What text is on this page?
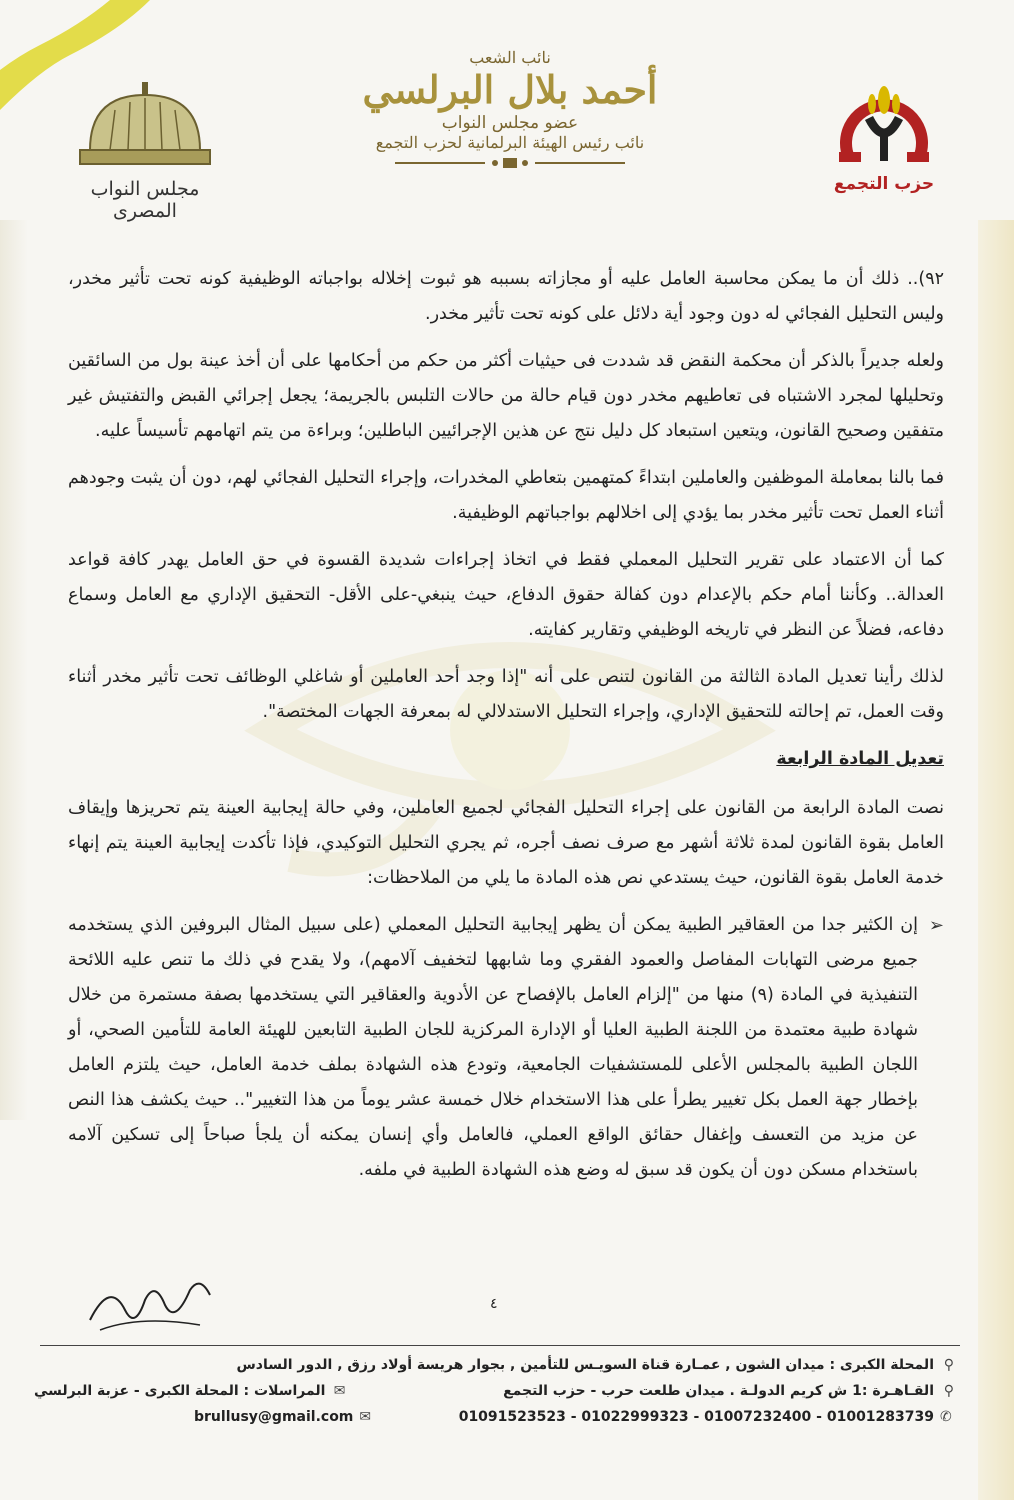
حزب التجمع
نائب الشعب
أحمد بلال البرلسي
عضو مجلس النواب
نائب رئيس الهيئة البرلمانية لحزب التجمع
مجلس النواب المصرى

٩٢).. ذلك أن ما يمكن محاسبة العامل عليه أو مجازاته بسببه هو ثبوت إخلاله بواجباته الوظيفية كونه تحت تأثير مخدر، وليس التحليل الفجائي له دون وجود أية دلائل على كونه تحت تأثير مخدر.

ولعله جديراً بالذكر أن محكمة النقض قد شددت فى حيثيات أكثر من حكم من أحكامها على أن أخذ عينة بول من السائقين وتحليلها لمجرد الاشتباه فى تعاطيهم مخدر دون قيام حالة من حالات التلبس بالجريمة؛ يجعل إجرائي القبض والتفتيش غير متفقين وصحيح القانون، ويتعين استبعاد كل دليل نتج عن هذين الإجرائيين الباطلين؛ وبراءة من يتم اتهامهم تأسيساً عليه.

فما بالنا بمعاملة الموظفين والعاملين ابتداءً كمتهمين بتعاطي المخدرات، وإجراء التحليل الفجائي لهم، دون أن يثبت وجودهم أثناء العمل تحت تأثير مخدر بما يؤدي إلى اخلالهم بواجباتهم الوظيفية.

كما أن الاعتماد على تقرير التحليل المعملي فقط في اتخاذ إجراءات شديدة القسوة في حق العامل يهدر كافة قواعد العدالة.. وكأننا أمام حكم بالإعدام دون كفالة حقوق الدفاع، حيث ينبغي-على الأقل- التحقيق الإداري مع العامل وسماع دفاعه، فضلاً عن النظر في تاريخه الوظيفي وتقارير كفايته.

لذلك رأينا تعديل المادة الثالثة من القانون لتنص على أنه "إذا وجد أحد العاملين أو شاغلي الوظائف تحت تأثير مخدر أثناء وقت العمل، تم إحالته للتحقيق الإداري، وإجراء التحليل الاستدلالي له بمعرفة الجهات المختصة".

تعديل المادة الرابعة

نصت المادة الرابعة من القانون على إجراء التحليل الفجائي لجميع العاملين، وفي حالة إيجابية العينة يتم تحريزها وإيقاف العامل بقوة القانون لمدة ثلاثة أشهر مع صرف نصف أجره، ثم يجري التحليل التوكيدي، فإذا تأكدت إيجابية العينة يتم إنهاء خدمة العامل بقوة القانون، حيث يستدعي نص هذه المادة ما يلي من الملاحظات:

➢
إن الكثير جدا من العقاقير الطبية يمكن أن يظهر إيجابية التحليل المعملي (على سبيل المثال البروفين الذي يستخدمه جميع مرضى التهابات المفاصل والعمود الفقري وما شابهها لتخفيف آلامهم)، ولا يقدح في ذلك ما تنص عليه اللائحة التنفيذية في المادة (٩) منها من "إلزام العامل بالإفصاح عن الأدوية والعقاقير التي يستخدمها بصفة مستمرة من خلال شهادة طبية معتمدة من اللجنة الطبية العليا أو الإدارة المركزية للجان الطبية التابعين للهيئة العامة للتأمين الصحي، أو اللجان الطبية بالمجلس الأعلى للمستشفيات الجامعية، وتودع هذه الشهادة بملف خدمة العامل، حيث يلتزم العامل بإخطار جهة العمل بكل تغيير يطرأ على هذا الاستخدام خلال خمسة عشر يوماً من هذا التغيير".. حيث يكشف هذا النص عن مزيد من التعسف وإغفال حقائق الواقع العملي، فالعامل وأي إنسان يمكنه أن يلجأ صباحاً إلى تسكين آلامه باستخدام مسكن دون أن يكون قد سبق له وضع هذه الشهادة الطبية في ملفه.
٤
⚲المحلة الكبرى : ميدان الشون , عمـارة قناة السويـس للتأمين , بجوار هريسة أولاد رزق , الدور السادس
⚲القـاهـرة :1 ش كريم الدولـة . ميدان طلعت حرب - حزب التجمع
✉المراسلات : المحلة الكبرى - عزبة البرلسي
01091523523 - 01022999323 - 01007232400 - 01001283739 ✆
brullusy@gmail.com ✉
